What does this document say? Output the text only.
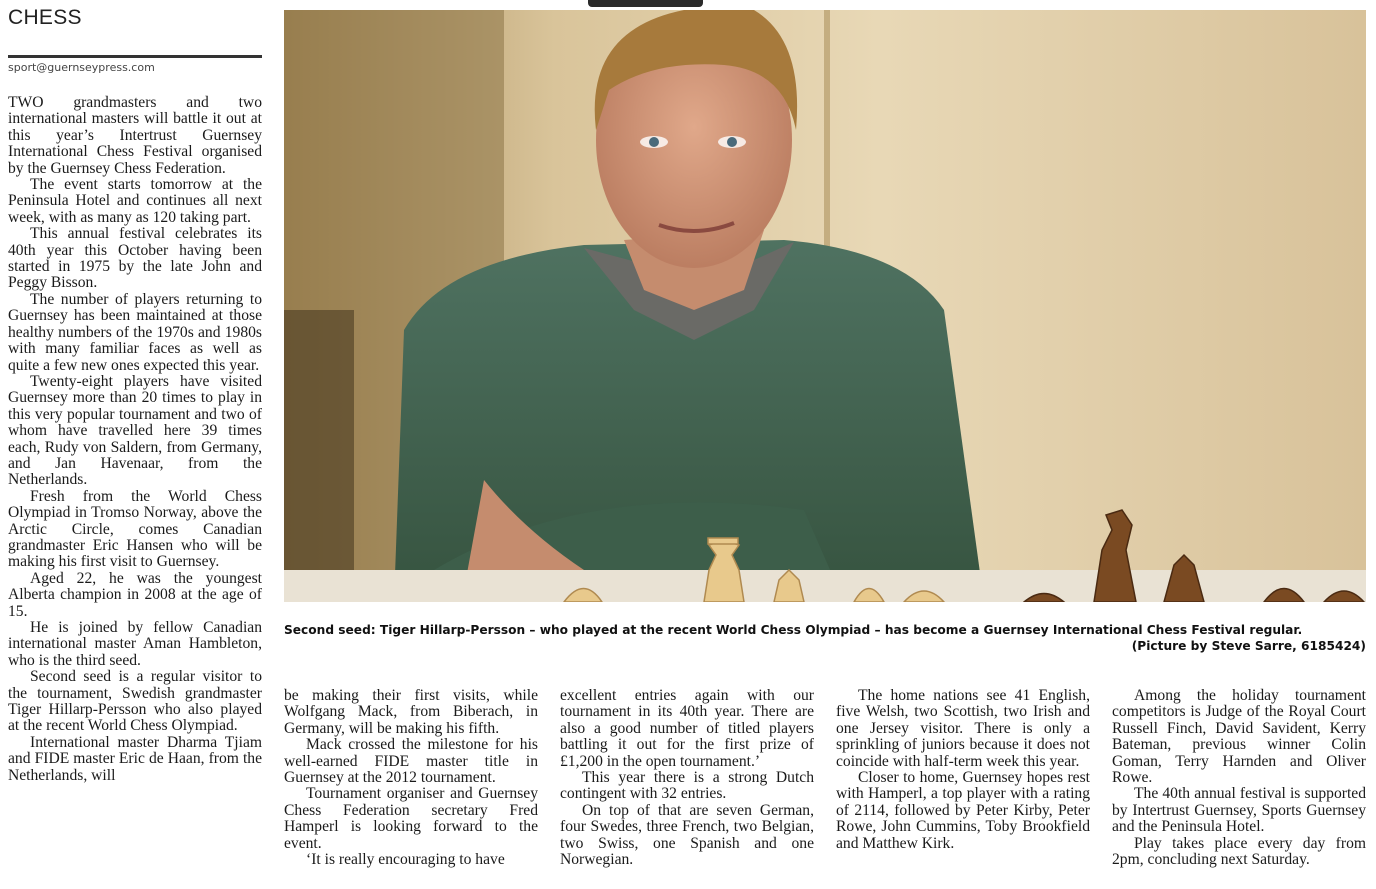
CHESS
sport@guernseypress.com

TWO grandmasters and two international masters will battle it out at this year’s Intertrust Guernsey International Chess Festival organised by the Guernsey Chess Federation.

The event starts tomorrow at the Peninsula Hotel and continues all next week, with as many as 120 taking part.

This annual festival celebrates its 40th year this October having been started in 1975 by the late John and Peggy Bisson.

The number of players returning to Guernsey has been maintained at those healthy numbers of the 1970s and 1980s with many familiar faces as well as quite a few new ones expected this year.

Twenty-eight players have visited Guernsey more than 20 times to play in this very popular tournament and two of whom have travelled here 39 times each, Rudy von Saldern, from Germany, and Jan Havenaar, from the Netherlands.

Fresh from the World Chess Olympiad in Tromso Norway, above the Arctic Circle, comes Canadian grandmaster Eric Hansen who will be making his first visit to Guernsey.

Aged 22, he was the youngest Alberta champion in 2008 at the age of 15.

He is joined by fellow Canadian international master Aman Hambleton, who is the third seed.

Second seed is a regular visitor to the tournament, Swedish grandmaster Tiger Hillarp-Persson who also played at the recent World Chess Olympiad.

International master Dharma Tjiam and FIDE master Eric de Haan, from the Netherlands, will

Second seed: Tiger Hillarp-Persson – who played at the recent World Chess Olympiad – has become a Guernsey International Chess Festival regular.
(Picture by Steve Sarre, 6185424)

be making their first visits, while Wolfgang Mack, from Biberach, in Germany, will be making his fifth.

Mack crossed the milestone for his well-earned FIDE master title in Guernsey at the 2012 tournament.

Tournament organiser and Guernsey Chess Federation secretary Fred Hamperl is looking forward to the event.

‘It is really encouraging to have

excellent entries again with our tournament in its 40th year. There are also a good number of titled players battling it out for the first prize of £1,200 in the open tournament.’

This year there is a strong Dutch contingent with 32 entries.

On top of that are seven German, four Swedes, three French, two Belgian, two Swiss, one Spanish and one Norwegian.

The home nations see 41 English, five Welsh, two Scottish, two Irish and one Jersey visitor. There is only a sprinkling of juniors because it does not coincide with half-term week this year.

Closer to home, Guernsey hopes rest with Hamperl, a top player with a rating of 2114, followed by Peter Kirby, Peter Rowe, John Cummins, Toby Brookfield and Matthew Kirk.

Among the holiday tournament competitors is Judge of the Royal Court Russell Finch, David Savident, Kerry Bateman, previous winner Colin Goman, Terry Harnden and Oliver Rowe.

The 40th annual festival is supported by Intertrust Guernsey, Sports Guernsey and the Peninsula Hotel.

Play takes place every day from 2pm, concluding next Saturday.
